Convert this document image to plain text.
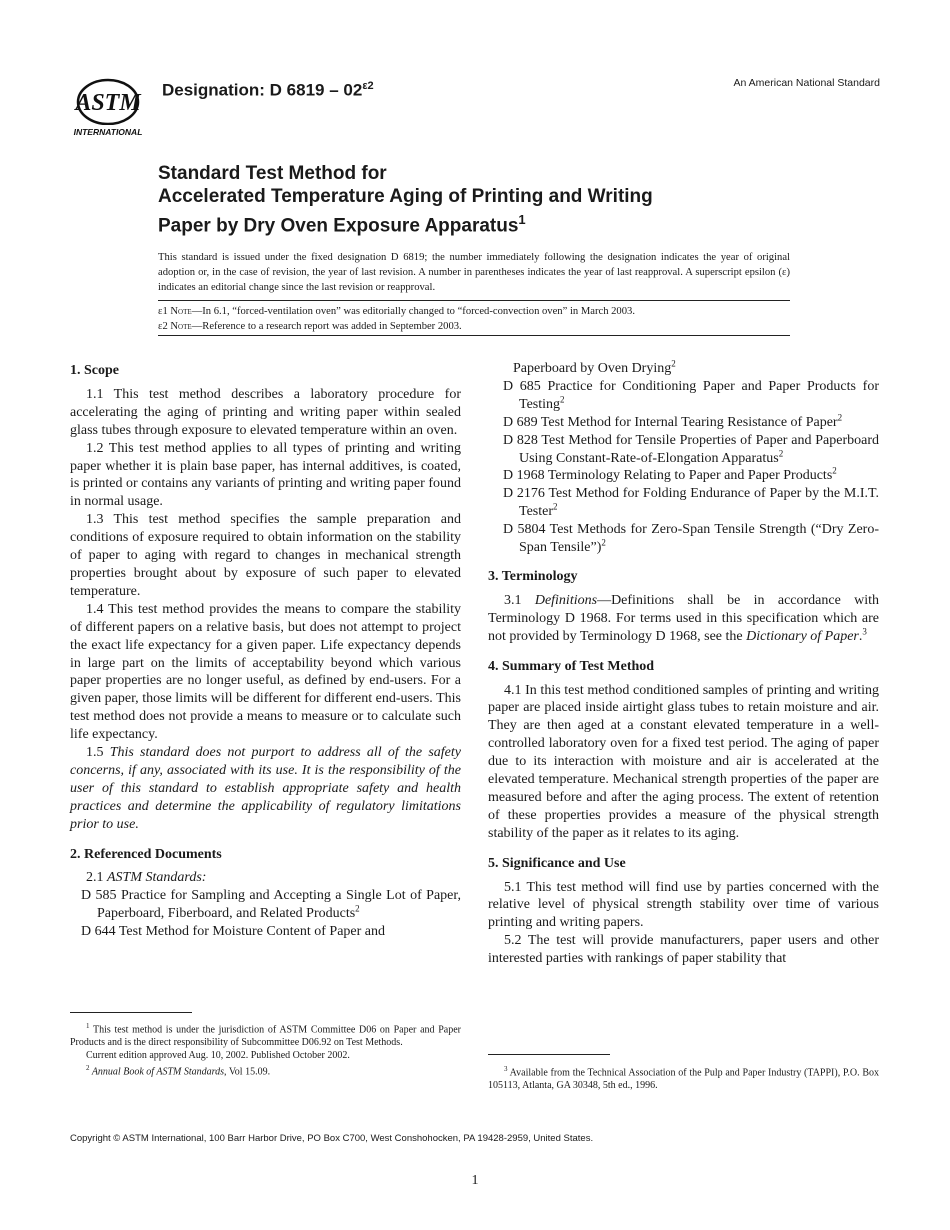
ASTM
INTERNATIONAL
Designation: D $6819 - 02^{\varepsilon 2}$	An American National Standard
Standard Test Method for
Accelerated Temperature Aging of Printing and Writing
Paper by Dry Oven Exposure Apparatus$^1$
This standard is issued under the fixed designation D 6819; the number immediately following the designation indicates the year of original adoption or, in the case of revision, the year of last revision. A number in parentheses indicates the year of last reapproval. A superscript epsilon (ε) indicates an editorial change since the last revision or reapproval.
ε1 Note—In 6.1, “forced-ventilation oven” was editorially changed to “forced-convection oven” in March 2003.
ε2 Note—Reference to a research report was added in September 2003.
1. Scope

1.1 This test method describes a laboratory procedure for accelerating the aging of printing and writing paper within sealed glass tubes through exposure to elevated temperature within an oven.

1.2 This test method applies to all types of printing and writing paper whether it is plain base paper, has internal additives, is coated, is printed or contains any variants of printing and writing paper found in normal usage.

1.3 This test method specifies the sample preparation and conditions of exposure required to obtain information on the stability of paper to aging with regard to changes in mechanical strength properties brought about by exposure of such paper to elevated temperature.

1.4 This test method provides the means to compare the stability of different papers on a relative basis, but does not attempt to project the exact life expectancy for a given paper. Life expectancy depends in large part on the limits of acceptability beyond which various paper properties are no longer useful, as defined by end-users. For a given paper, those limits will be different for different end-users. This test method does not provide a means to measure or to calculate such life expectancy.

1.5 This standard does not purport to address all of the safety concerns, if any, associated with its use. It is the responsibility of the user of this standard to establish appropriate safety and health practices and determine the applicability of regulatory limitations prior to use.

2. Referenced Documents

2.1 ASTM Standards:

D 585 Practice for Sampling and Accepting a Single Lot of Paper, Paperboard, Fiberboard, and Related Products$^2$

D 644 Test Method for Moisture Content of Paper and

$^1$ This test method is under the jurisdiction of ASTM Committee D06 on Paper and Paper Products and is the direct responsibility of Subcommittee D06.92 on Test Methods.

Current edition approved Aug. 10, 2002. Published October 2002.

$^2$ Annual Book of ASTM Standards, Vol 15.09.

Paperboard by Oven Drying$^2$

D 685 Practice for Conditioning Paper and Paper Products for Testing$^2$

D 689 Test Method for Internal Tearing Resistance of Paper$^2$

D 828 Test Method for Tensile Properties of Paper and Paperboard Using Constant-Rate-of-Elongation Apparatus$^2$

D 1968 Terminology Relating to Paper and Paper Products$^2$

D 2176 Test Method for Folding Endurance of Paper by the M.I.T. Tester$^2$

D 5804 Test Methods for Zero-Span Tensile Strength (“Dry Zero-Span Tensile”)$^2$

3. Terminology

3.1 Definitions—Definitions shall be in accordance with Terminology D 1968. For terms used in this specification which are not provided by Terminology D 1968, see the Dictionary of Paper.$^3$

4. Summary of Test Method

4.1 In this test method conditioned samples of printing and writing paper are placed inside airtight glass tubes to retain moisture and air. They are then aged at a constant elevated temperature in a well-controlled laboratory oven for a fixed test period. The aging of paper due to its interaction with moisture and air is accelerated at the elevated temperature. Mechanical strength properties of the paper are measured before and after the aging process. The extent of retention of these properties provides a measure of the physical strength stability of the paper as it relates to its aging.

5. Significance and Use

5.1 This test method will find use by parties concerned with the relative level of physical strength stability over time of various printing and writing papers.

5.2 The test will provide manufacturers, paper users and other interested parties with rankings of paper stability that

$^3$ Available from the Technical Association of the Pulp and Paper Industry (TAPPI), P.O. Box 105113, Atlanta, GA 30348, 5th ed., 1996.

Copyright © ASTM International, 100 Barr Harbor Drive, PO Box C700, West Conshohocken, PA 19428-2959, United States.
1
